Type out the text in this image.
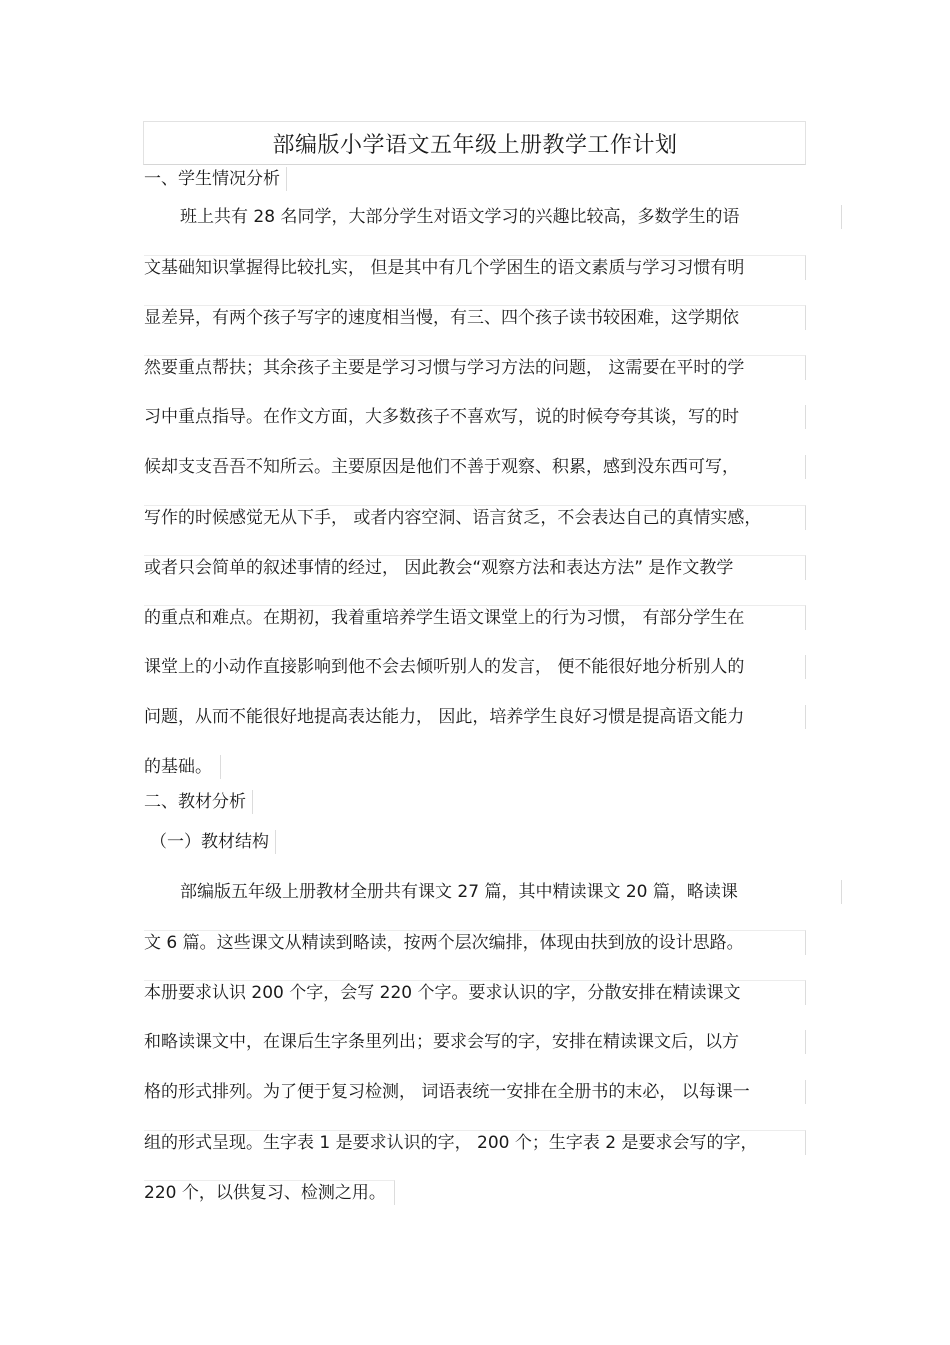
部编版小学语文五年级上册教学工作计划
一、学生情况分析
班上共有 28 名同学，大部分学生对语文学习的兴趣比较高，多数学生的语
文基础知识掌握得比较扎实， 但是其中有几个学困生的语文素质与学习习惯有明
显差异，有两个孩子写字的速度相当慢，有三、四个孩子读书较困难，这学期依
然要重点帮扶；其余孩子主要是学习习惯与学习方法的问题， 这需要在平时的学
习中重点指导。在作文方面，大多数孩子不喜欢写，说的时候夸夸其谈，写的时
候却支支吾吾不知所云。主要原因是他们不善于观察、积累，感到没东西可写，
写作的时候感觉无从下手， 或者内容空洞、语言贫乏，不会表达自己的真情实感，
或者只会简单的叙述事情的经过， 因此教会“观察方法和表达方法” 是作文教学
的重点和难点。在期初，我着重培养学生语文课堂上的行为习惯， 有部分学生在
课堂上的小动作直接影响到他不会去倾听别人的发言， 便不能很好地分析别人的
问题，从而不能很好地提高表达能力， 因此，培养学生良好习惯是提高语文能力
的基础。
二、教材分析
（一）教材结构
部编版五年级上册教材全册共有课文 27 篇，其中精读课文 20 篇，略读课
文 6 篇。这些课文从精读到略读，按两个层次编排，体现由扶到放的设计思路。
本册要求认识 200 个字，会写 220 个字。要求认识的字，分散安排在精读课文
和略读课文中，在课后生字条里列出；要求会写的字，安排在精读课文后，以方
格的形式排列。为了便于复习检测， 词语表统一安排在全册书的末必， 以每课一
组的形式呈现。生字表 1 是要求认识的字， 200 个；生字表 2 是要求会写的字，
220 个，以供复习、检测之用。
